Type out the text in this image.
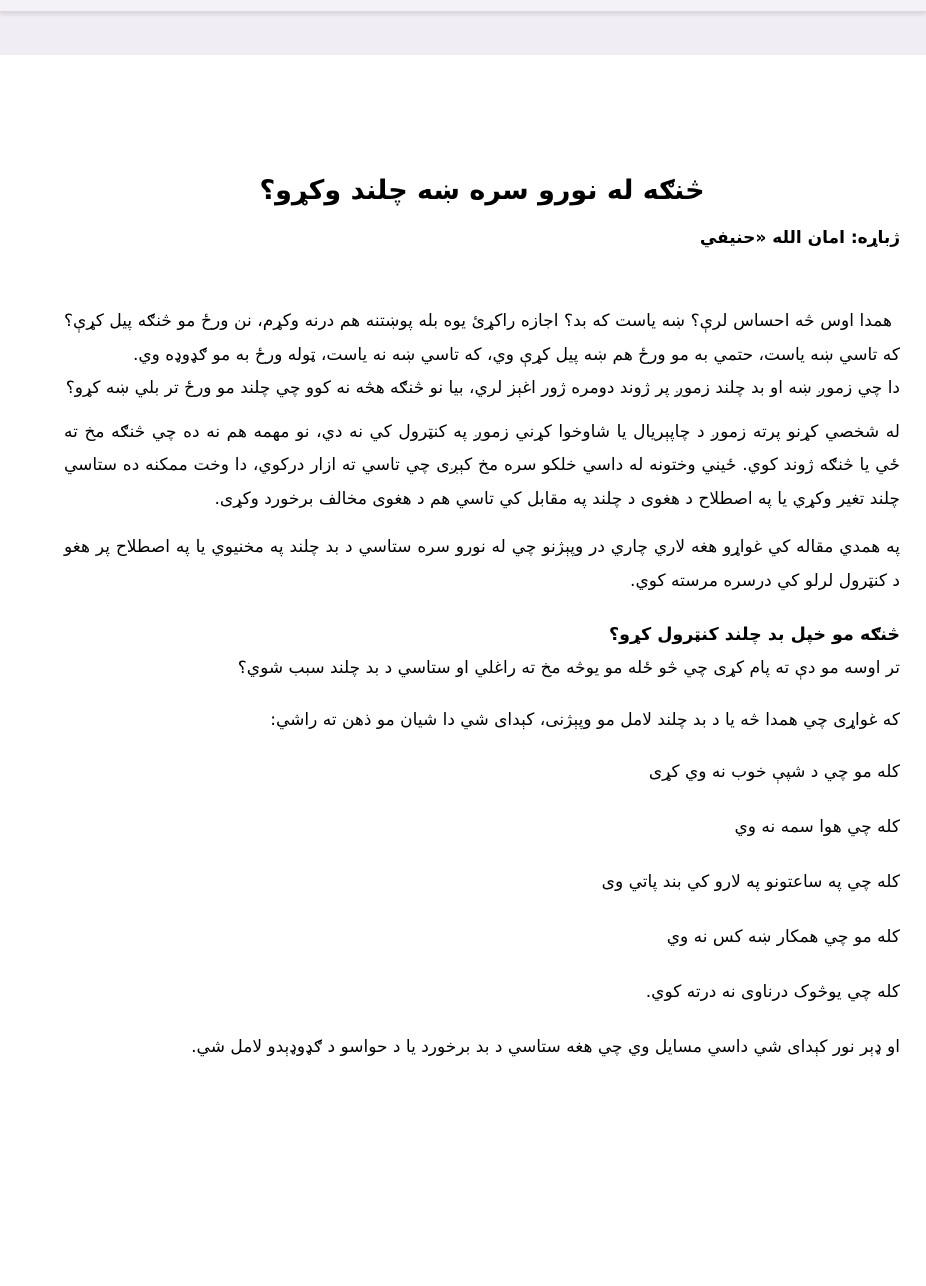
څنګه له نورو سره ښه چلند وکړو؟
ژباړه: امان الله «حنيفي

همدا اوس څه احساس لرې؟ ښه ياست که بد؟ اجازه راکړئ يوه بله پوښتنه هم درنه وکړم، نن ورځ مو څنګه پيل کړې؟ که تاسي ښه ياست، حتمي به مو ورځ هم ښه پيل کړې وي، که تاسي ښه نه ياست، ټوله ورځ به مو ګډوډه وي.

دا چي زموږ ښه او بد چلند زموږ پر ژوند دومره ژور اغېز لري، بيا نو څنګه هڅه نه کوو چي چلند مو ورځ تر بلي ښه کړو؟

له شخصي کړنو پرته زموږ د چاپېريال يا شاوخوا کړني زموږ په کنټرول کي نه دي، نو مهمه هم نه ده چي څنګه مخ ته ځي يا څنګه ژوند کوي. ځيني وختونه له داسي خلکو سره مخ کېږی چي تاسي ته ازار درکوي، دا وخت ممکنه ده ستاسي چلند تغير وکړي يا په اصطلاح د هغوی د چلند په مقابل کي تاسي هم د هغوی مخالف برخورد وکړی.

په همدي مقاله کي غواړو هغه لاري چاري در وپېژنو چي له نورو سره ستاسي د بد چلند په مخنيوي يا په اصطلاح پر هغو د کنټرول لرلو کي درسره مرسته کوي.

څنګه مو خپل بد چلند کنټرول کړو؟

تر اوسه مو دې ته پام کړی چي څو ځله مو يوڅه مخ ته راغلي او ستاسي د بد چلند سبب شوي؟

که غواړی چي همدا څه يا د بد چلند لامل مو وپېژنی، کېدای شي دا شيان مو ذهن ته راشي:

کله مو چي د شپې خوب نه وي کړی

کله چي هوا سمه نه وي

کله چي په ساعتونو په لارو کي بند پاتي وی

کله مو چي همکار ښه کس نه وي

کله چي يوڅوک درناوی نه درته کوي.

او ډېر نور کېدای شي داسي مسايل وي چي هغه ستاسي د بد برخورد يا د حواسو د ګډوډېدو لامل شي.
